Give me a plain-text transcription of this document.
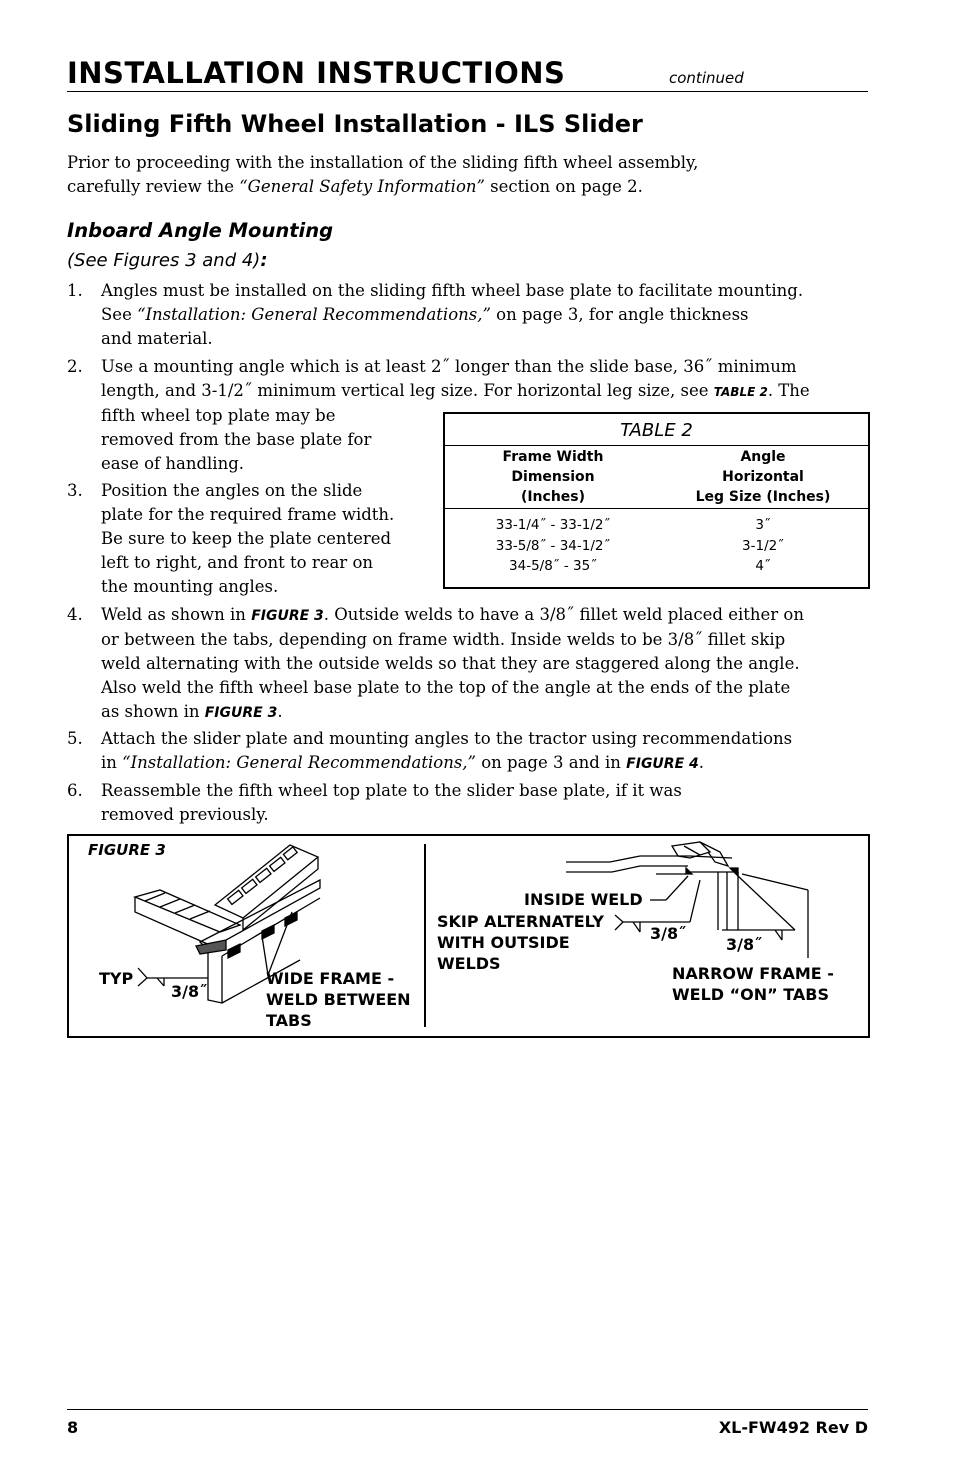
INSTALLATION INSTRUCTIONS	continued
Sliding Fifth Wheel Installation - ILS Slider
Prior to proceeding with the installation of the sliding fifth wheel assembly,
carefully review the “General Safety Information” section on page 2.
Inboard Angle Mounting
(See Figures 3 and 4):
1. Angles must be installed on the sliding fifth wheel base plate to facilitate mounting.
See “Installation: General Recommendations,” on page 3, for angle thickness
and material.
2. Use a mounting angle which is at least 2˝ longer than the slide base, 36˝ minimum
length, and 3-1/2˝ minimum vertical leg size. For horizontal leg size, see TABLE 2. The
fifth wheel top plate may be
removed from the base plate for
ease of handling.
3. Position the angles on the slide
plate for the required frame width.
Be sure to keep the plate centered
left to right, and front to rear on
the mounting angles.
TABLE 2
Frame Width
Dimension
(Inches)
Angle
Horizontal
Leg Size (Inches)
33-1/4˝ - 33-1/2˝
33-5/8˝ - 34-1/2˝
34-5/8˝ - 35˝
3˝
3-1/2˝
4˝
4. Weld as shown in FIGURE 3. Outside welds to have a 3/8˝ fillet weld placed either on
or between the tabs, depending on frame width. Inside welds to be 3/8˝ fillet skip
weld alternating with the outside welds so that they are staggered along the angle.
Also weld the fifth wheel base plate to the top of the angle at the ends of the plate
as shown in FIGURE 3.
5. Attach the slider plate and mounting angles to the tractor using recommendations
in “Installation: General Recommendations,” on page 3 and in FIGURE 4.
6. Reassemble the fifth wheel top plate to the slider base plate, if it was
removed previously.
FIGURE 3
TYP
3/8˝
WIDE FRAME -
WELD BETWEEN
TABS
INSIDE WELD
SKIP ALTERNATELY
WITH OUTSIDE
WELDS
3/8˝
3/8˝
NARROW FRAME -
WELD “ON” TABS
8	XL-FW492 Rev D
